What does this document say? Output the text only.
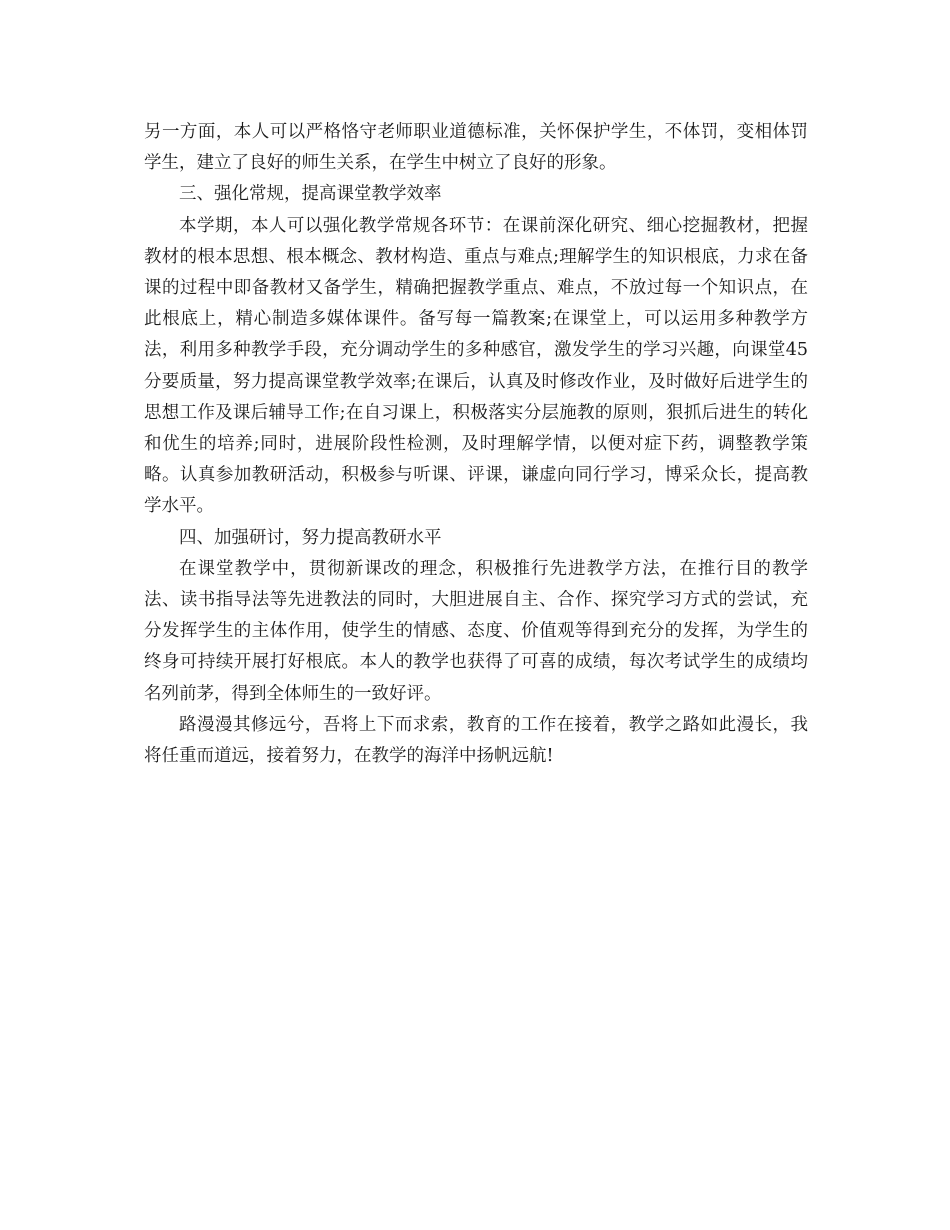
另一方面，本人可以严格恪守老师职业道德标准，关怀保护学生，不体罚，变相体罚学生，建立了良好的师生关系，在学生中树立了良好的形象。

三、强化常规，提高课堂教学效率

本学期，本人可以强化教学常规各环节：在课前深化研究、细心挖掘教材，把握教材的根本思想、根本概念、教材构造、重点与难点;理解学生的知识根底，力求在备课的过程中即备教材又备学生，精确把握教学重点、难点，不放过每一个知识点，在此根底上，精心制造多媒体课件。备写每一篇教案;在课堂上，可以运用多种教学方法，利用多种教学手段，充分调动学生的多种感官，激发学生的学习兴趣，向课堂45分要质量，努力提高课堂教学效率;在课后，认真及时修改作业，及时做好后进学生的思想工作及课后辅导工作;在自习课上，积极落实分层施教的原则，狠抓后进生的转化和优生的培养;同时，进展阶段性检测，及时理解学情，以便对症下药，调整教学策略。认真参加教研活动，积极参与听课、评课，谦虚向同行学习，博采众长，提高教学水平。

四、加强研讨，努力提高教研水平

在课堂教学中，贯彻新课改的理念，积极推行先进教学方法，在推行目的教学法、读书指导法等先进教法的同时，大胆进展自主、合作、探究学习方式的尝试，充分发挥学生的主体作用，使学生的情感、态度、价值观等得到充分的发挥，为学生的终身可持续开展打好根底。本人的教学也获得了可喜的成绩，每次考试学生的成绩均名列前茅，得到全体师生的一致好评。

路漫漫其修远兮，吾将上下而求索，教育的工作在接着，教学之路如此漫长，我将任重而道远，接着努力，在教学的海洋中扬帆远航!
